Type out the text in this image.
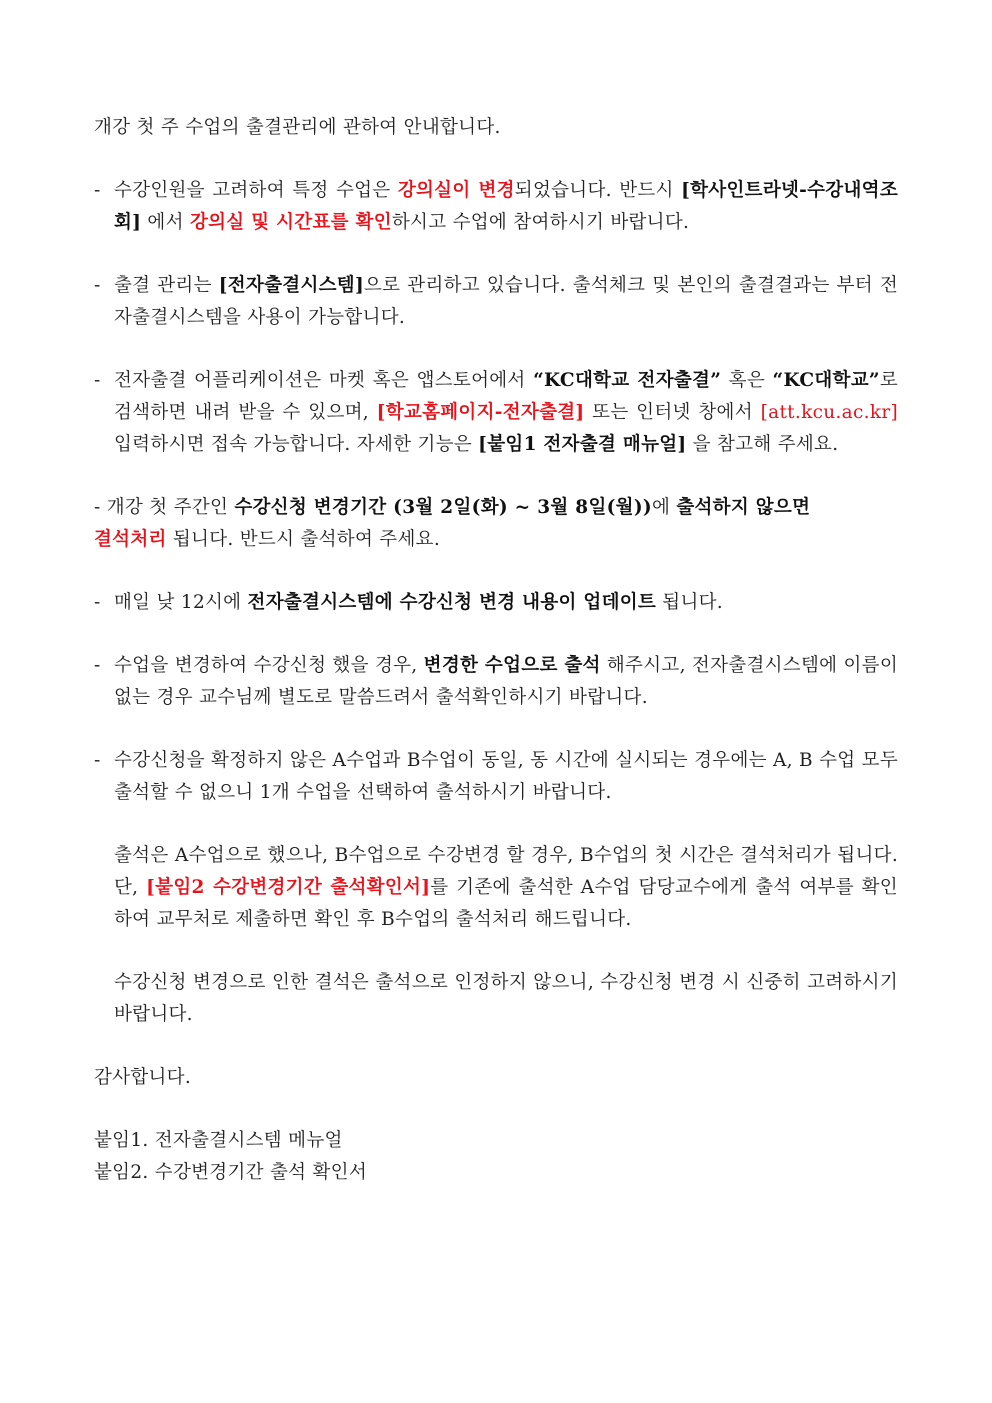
개강 첫 주 수업의 출결관리에 관하여 안내합니다.

- 수강인원을 고려하여 특정 수업은 강의실이 변경되었습니다. 반드시 [학사인트라넷-수강내역조회] 에서 강의실 및 시간표를 확인하시고 수업에 참여하시기 바랍니다.
- 출결 관리는 [전자출결시스템]으로 관리하고 있습니다. 출석체크 및 본인의 출결결과는 부터 전자출결시스템을 사용이 가능합니다.
- 전자출결 어플리케이션은 마켓 혹은 앱스토어에서 “KC대학교 전자출결” 혹은 “KC대학교”로 검색하면 내려 받을 수 있으며, [학교홈페이지-전자출결] 또는 인터넷 창에서 [att.kcu.ac.kr] 입력하시면 접속 가능합니다. 자세한 기능은 [붙임1 전자출결 매뉴얼] 을 참고해 주세요.

- 개강 첫 주간인 수강신청 변경기간 (3월 2일(화) ~ 3월 8일(월))에 출석하지 않으면
결석처리 됩니다. 반드시 출석하여 주세요.

- 매일 낮 12시에 전자출결시스템에 수강신청 변경 내용이 업데이트 됩니다.
- 수업을 변경하여 수강신청 했을 경우, 변경한 수업으로 출석 해주시고, 전자출결시스템에 이름이 없는 경우 교수님께 별도로 말씀드려서 출석확인하시기 바랍니다.
- 수강신청을 확정하지 않은 A수업과 B수업이 동일, 동 시간에 실시되는 경우에는 A, B 수업 모두 출석할 수 없으니 1개 수업을 선택하여 출석하시기 바랍니다.

출석은 A수업으로 했으나, B수업으로 수강변경 할 경우, B수업의 첫 시간은 결석처리가 됩니다. 단, [붙임2 수강변경기간 출석확인서]를 기존에 출석한 A수업 담당교수에게 출석 여부를 확인하여 교무처로 제출하면 확인 후 B수업의 출석처리 해드립니다.

수강신청 변경으로 인한 결석은 출석으로 인정하지 않으니, 수강신청 변경 시 신중히 고려하시기 바랍니다.

감사합니다.

붙임1. 전자출결시스템 메뉴얼

붙임2. 수강변경기간 출석 확인서
